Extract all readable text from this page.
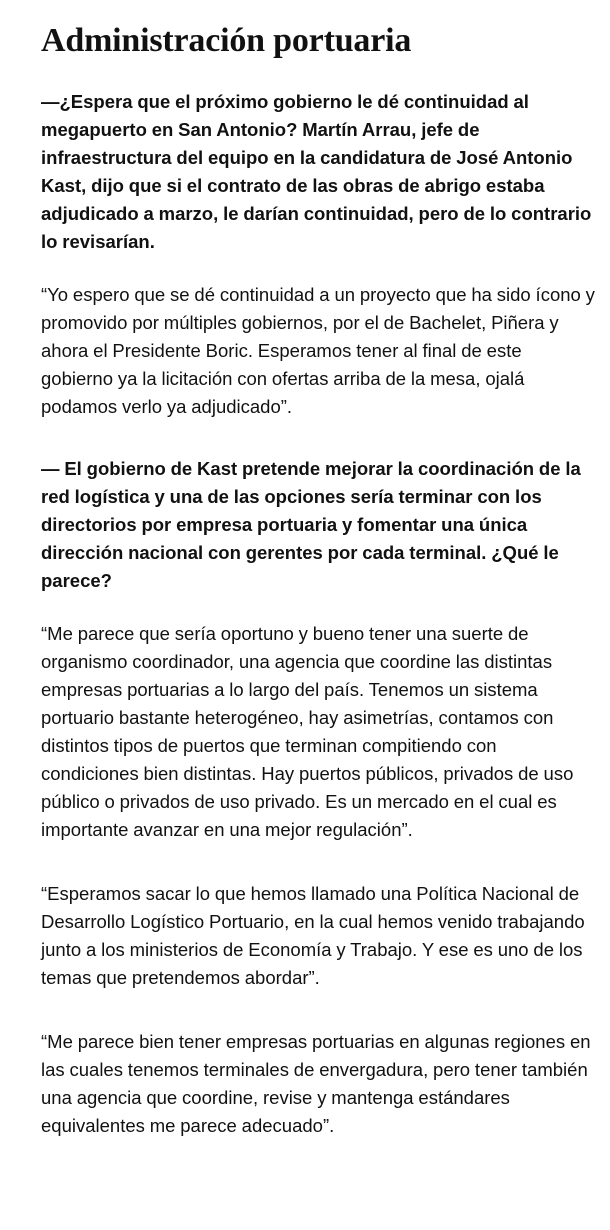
Administración portuaria

—¿Espera que el próximo gobierno le dé continuidad al megapuerto en San Antonio? Martín Arrau, jefe de infraestructura del equipo en la candidatura de José Antonio Kast, dijo que si el contrato de las obras de abrigo estaba adjudicado a marzo, le darían continuidad, pero de lo contrario lo revisarían.

“Yo espero que se dé continuidad a un proyecto que ha sido ícono y promovido por múltiples gobiernos, por el de Bachelet, Piñera y ahora el Presidente Boric. Esperamos tener al final de este gobierno ya la licitación con ofertas arriba de la mesa, ojalá podamos verlo ya adjudicado”.

— El gobierno de Kast pretende mejorar la coordinación de la red logística y una de las opciones sería terminar con los directorios por empresa portuaria y fomentar una única dirección nacional con gerentes por cada terminal. ¿Qué le parece?

“Me parece que sería oportuno y bueno tener una suerte de organismo coordinador, una agencia que coordine las distintas empresas portuarias a lo largo del país. Tenemos un sistema portuario bastante heterogéneo, hay asimetrías, contamos con distintos tipos de puertos que terminan compitiendo con condiciones bien distintas. Hay puertos públicos, privados de uso público o privados de uso privado. Es un mercado en el cual es importante avanzar en una mejor regulación”.

“Esperamos sacar lo que hemos llamado una Política Nacional de Desarrollo Logístico Portuario, en la cual hemos venido trabajando junto a los ministerios de Economía y Trabajo. Y ese es uno de los temas que pretendemos abordar”.

“Me parece bien tener empresas portuarias en algunas regiones en las cuales tenemos terminales de envergadura, pero tener también una agencia que coordine, revise y mantenga estándares equivalentes me parece adecuado”.
